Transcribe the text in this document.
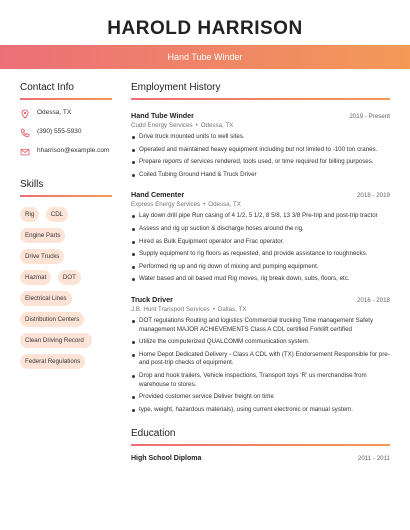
HAROLD HARRISON
Hand Tube Winder
Contact Info
Odessa, TX
(390) 555-5930
hharrison@example.com
Skills
Rig	CDL
Engine Parts
Drive Trucks
Hazmat	DOT
Electrical Lines
Distribution Centers
Clean Driving Record
Federal Regulations
Employment History
Hand Tube Winder	2019 - Present
Cudd Energy Services • Odessa, TX
Drive truck mounted units to well sites.
Operated and maintained heavy equipment including but not limited to -100 ton cranes.
Prepare reports of services rendered, tools used, or time required for billing purposes.
Coiled Tubing Ground Hand & Truck Driver
Hand Cementer	2018 - 2019
Express Energy Services • Odessa, TX
Lay down drill pipe Run casing of 4 1/2, 5 1/2, 8 5/8, 13 3/8 Pre-trip and post-trip tractor
Assess and rig up suction & discharge hoses around the rig.
Hired as Bulk Equipment operator and Frac operator.
Supply equipment to rig floors as requested, and provide assistance to roughnecks.
Performed rig up and rig down of mixing and pumping equipment.
Water based and oil based mud Rig moves, rig break down, subs, floors, etc.
Truck Driver	2016 - 2018
J.B. Hunt Transport Services • Dallas, TX
DOT regulations Routing and logistics Commercial trucking Time management Safety management MAJOR ACHIEVEMENTS Class A CDL certified Forklift certified
Utilize the computerized QUALCOMM communication system.
Home Depot Dedicated Delivery - Class A CDL with (TX) Endorsement Responsible for pre- and post-trip checks of equipment.
Drop and hook trailers, Vehicle inspections, Transport toys 'R' us merchandise from warehouse to stores.
Provided customer service Deliver freight on time
type, weight, hazardous materials), using current electronic or manual system.
Education
High School Diploma	2011 - 2011
